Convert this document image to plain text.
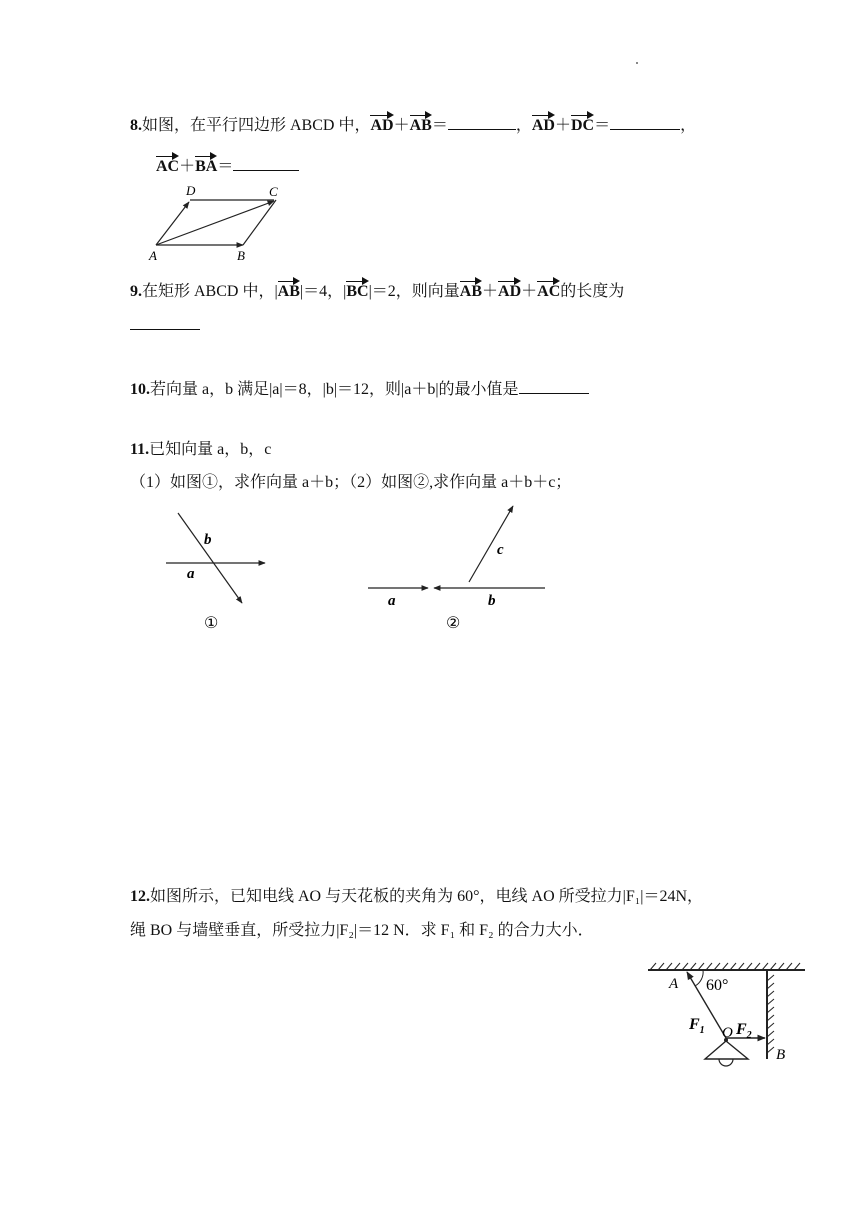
8.如图，在平行四边形 ABCD 中，AD＋AB＝	，AD＋DC＝	，
AC＋BA＝
D	C
A	B
9.在矩形 ABCD 中，|AB|＝4，|BC|＝2，则向量AB＋AD＋AC的长度为
10.若向量 a，b 满足|a|＝8，|b|＝12，则|a＋b|的最小值是
11.已知向量 a，b，c
（1）如图①，求作向量 a＋b；（2）如图②,求作向量 a＋b＋c；
b
a
①
c
a	b
②
12.如图所示，已知电线 AO 与天花板的夹角为 60°，电线 AO 所受拉力|F₁|＝24N，
绳 BO 与墙壁垂直，所受拉力|F₂|＝12 N．求 F₁ 和 F₂ 的合力大小．
A 60°
$F_1$ O $F_2$
B
